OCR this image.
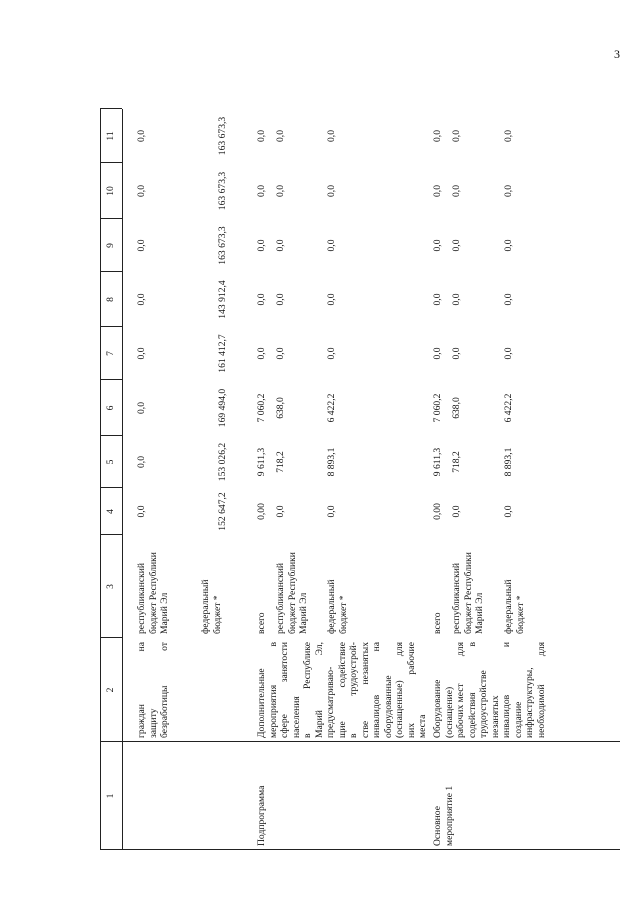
3
1
2
3
4
5
6
7
8
9
10
11
граждан
на
защиту безработицы
от
республиканский бюджет Республики Марий Эл	федеральный бюджет *
0,0
0,0
0,0
0,0
0,0
0,0
0,0
0,0
152 647,2
153 026,2
169 494,0
161 412,7
143 912,4
163 673,3
163 673,3
163 673,3
Подпрограмма
Дополнительные мероприятия
в
сфере
занятости
населения в
Республике
Марий
Эл,
предусматриваю- щие
содействие
в
трудоустрой-
стве
незанятых
инвалидов
на
оборудованные (оснащенные)
для
них
рабочие
места
всего республиканский бюджет Республики Марий Эл федеральный бюджет *
0,00
9 611,3
7 060,2
0,0
0,0
0,0
0,0
0,0
0,0
718,2
638,0
0,0
0,0
0,0
0,0
0,0
0,0
8 893,1
6 422,2
0,0
0,0
0,0
0,0
0,0
Основное мероприятие 1
Оборудование (оснащение) рабочих мест
для
содействия
в
трудоустройстве незанятых инвалидов
и
создание инфраструктуры, необходимой
для
всего республиканский бюджет Республики Марий Эл федеральный бюджет *
0,00
9 611,3
7 060,2
0,0
0,0
0,0
0,0
0,0
0,0
718,2
638,0
0,0
0,0
0,0
0,0
0,0
0,0
8 893,1
6 422,2
0,0
0,0
0,0
0,0
0,0
